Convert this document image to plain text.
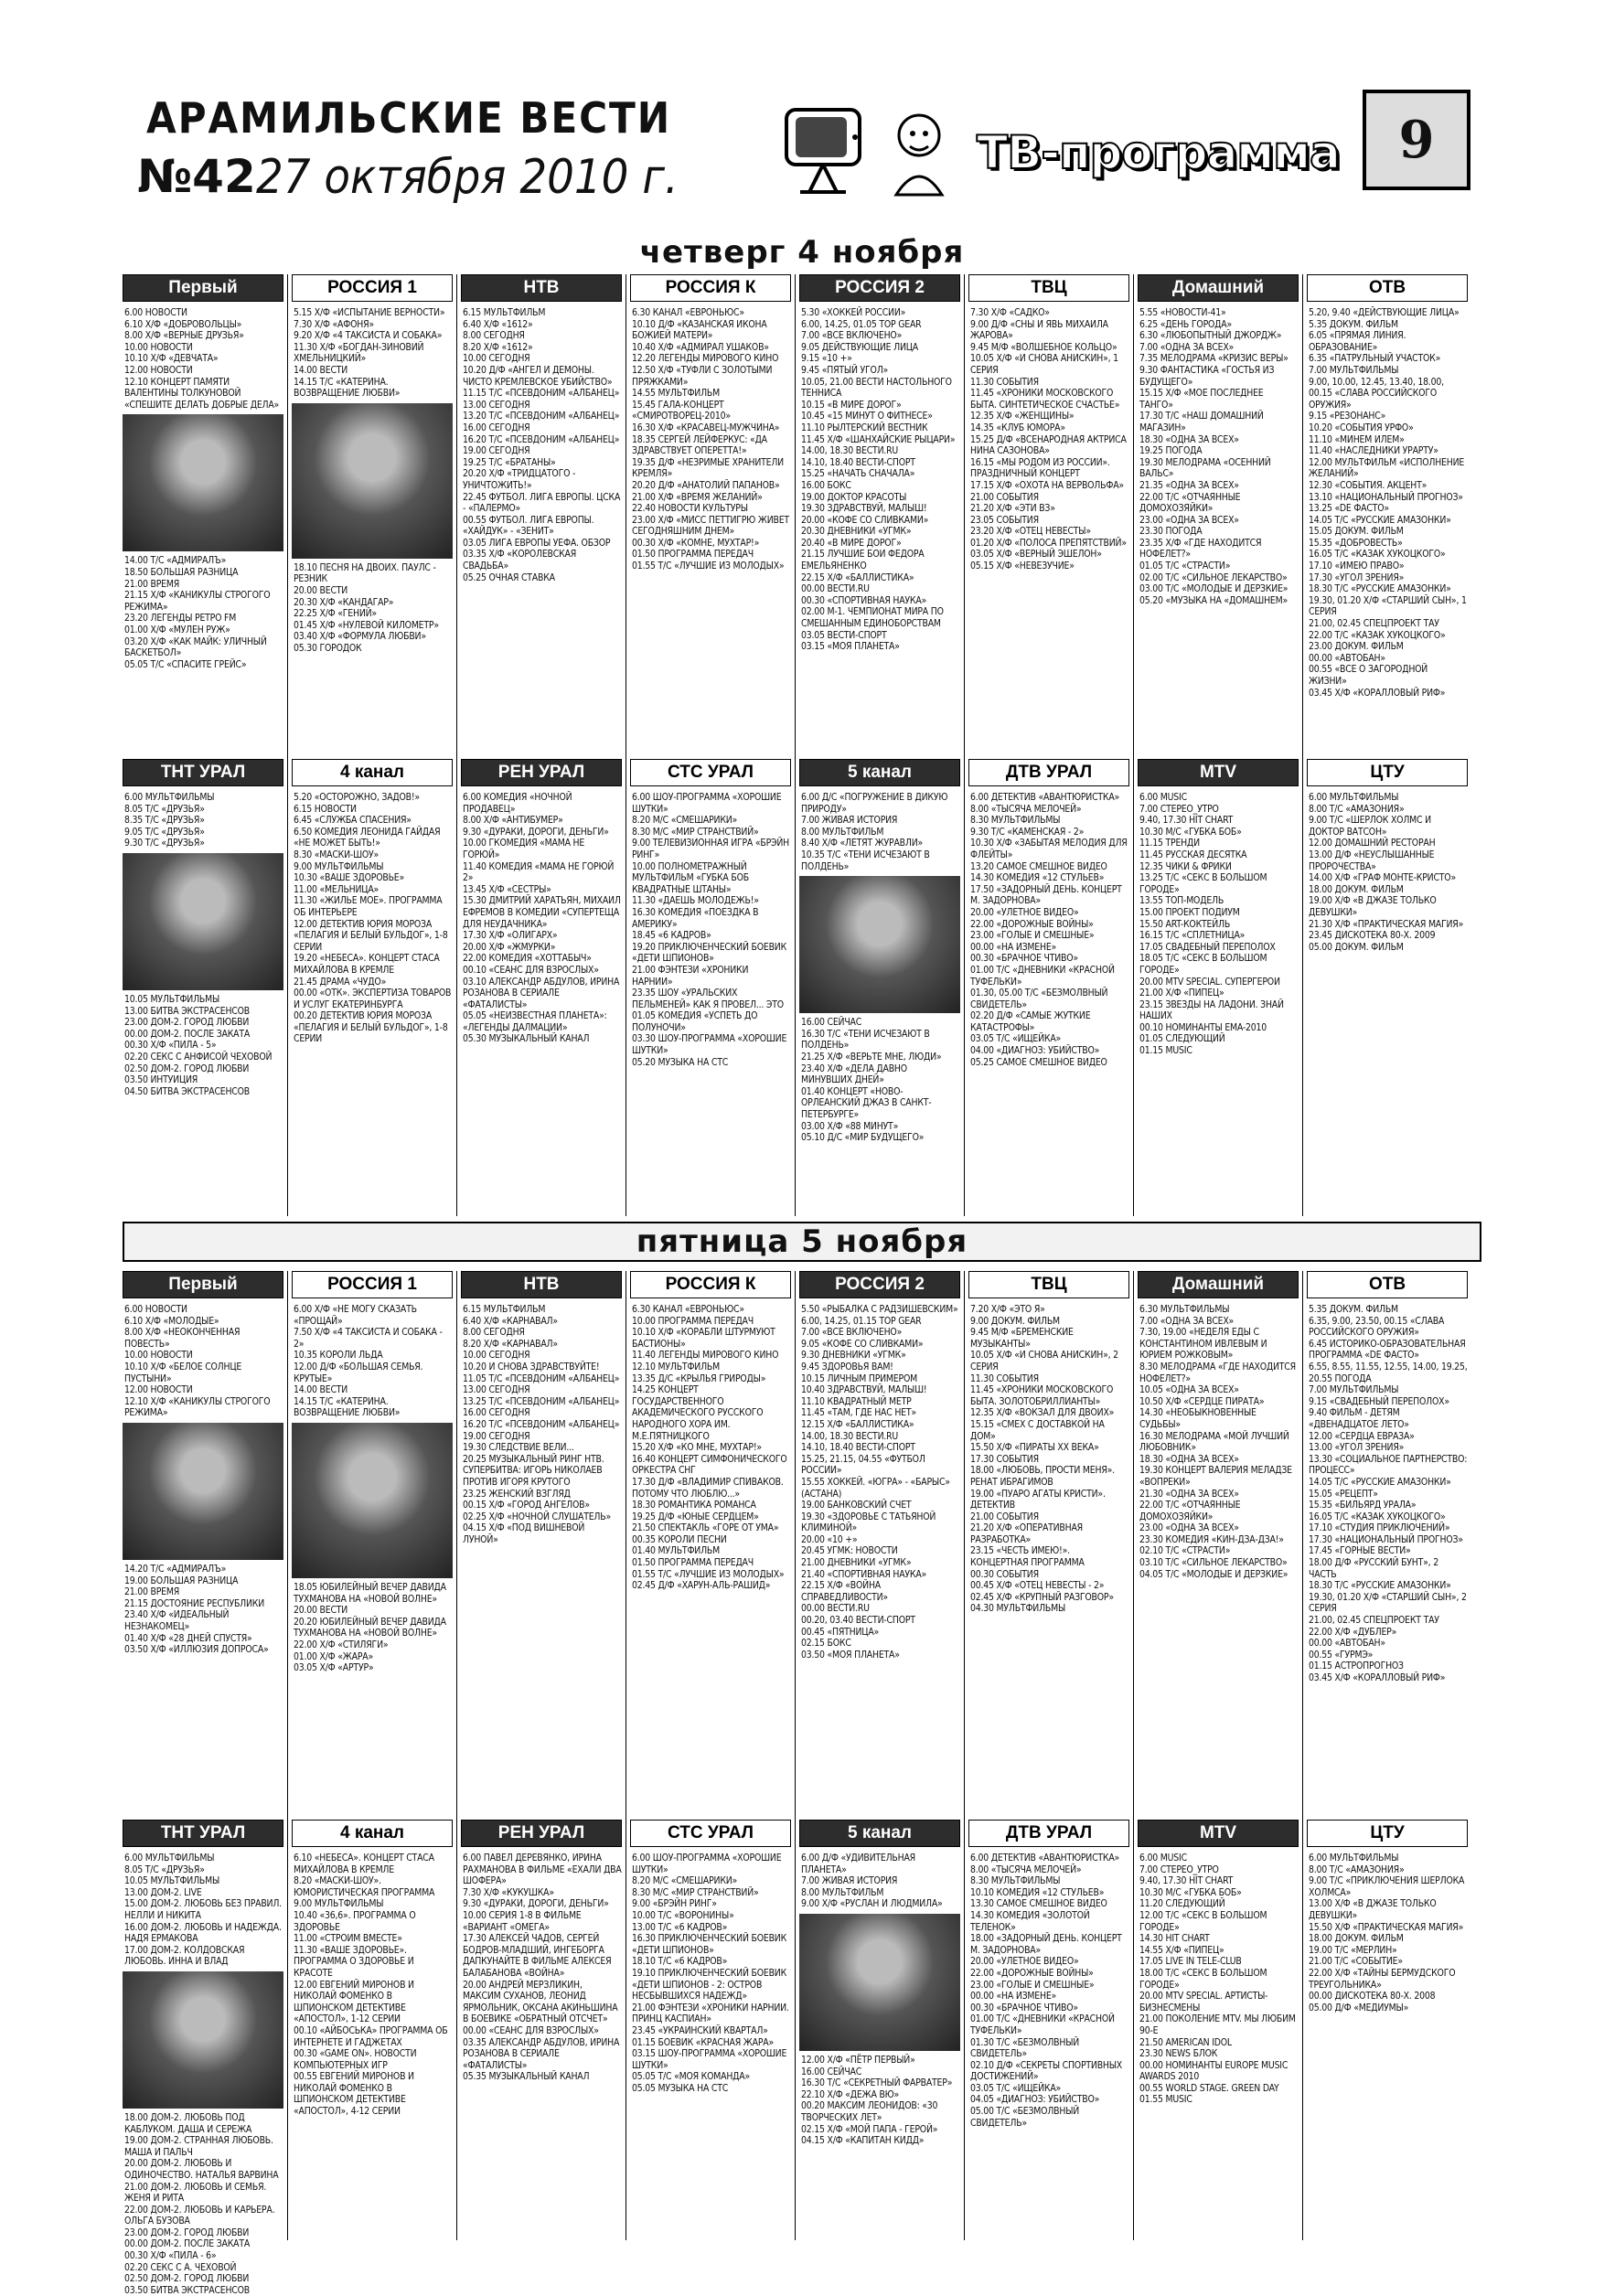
АРАМИЛЬСКИЕ ВЕСТИ
№42 27 октября 2010 г.	ТВ-программа	9
четверг 4 ноября
Первый
6.00 НОВОСТИ
6.10 Х/Ф «ДОБРОВОЛЬЦЫ»
8.00 Х/Ф «ВЕРНЫЕ ДРУЗЬЯ»
10.00 НОВОСТИ
10.10 Х/Ф «ДЕВЧАТА»
12.00 НОВОСТИ
12.10 КОНЦЕРТ ПАМЯТИ ВАЛЕНТИНЫ ТОЛКУНОВОЙ «СПЕШИТЕ ДЕЛАТЬ ДОБРЫЕ ДЕЛА»
14.00 Т/С «АДМИРАЛЪ»
18.50 БОЛЬШАЯ РАЗНИЦА
21.00 ВРЕМЯ
21.15 Х/Ф «КАНИКУЛЫ СТРОГОГО РЕЖИМА»
23.20 ЛЕГЕНДЫ РЕТРО FM
01.00 Х/Ф «МУЛЕН РУЖ»
03.20 Х/Ф «КАК МАЙК: УЛИЧНЫЙ БАСКЕТБОЛ»
05.05 Т/С «СПАСИТЕ ГРЕЙС»
РОССИЯ 1
5.15 Х/Ф «ИСПЫТАНИЕ ВЕРНОСТИ»
7.30 Х/Ф «АФОНЯ»
9.20 Х/Ф «4 ТАКСИСТА И СОБАКА»
11.30 Х/Ф «БОГДАН-ЗИНОВИЙ ХМЕЛЬНИЦКИЙ»
14.00 ВЕСТИ
14.15 Т/С «КАТЕРИНА. ВОЗВРАЩЕНИЕ ЛЮБВИ»
18.10 ПЕСНЯ НА ДВОИХ. ПАУЛС - РЕЗНИК
20.00 ВЕСТИ
20.30 Х/Ф «КАНДАГАР»
22.25 Х/Ф «ГЕНИЙ»
01.45 Х/Ф «НУЛЕВОЙ КИЛОМЕТР»
03.40 Х/Ф «ФОРМУЛА ЛЮБВИ»
05.30 ГОРОДОК
НТВ
6.15 МУЛЬТФИЛЬМ
6.40 Х/Ф «1612»
8.00 СЕГОДНЯ
8.20 Х/Ф «1612»
10.00 СЕГОДНЯ
10.20 Д/Ф «АНГЕЛ И ДЕМОНЫ. ЧИСТО КРЕМЛЕВСКОЕ УБИЙСТВО»
11.15 Т/С «ПСЕВДОНИМ «АЛБАНЕЦ»
13.00 СЕГОДНЯ
13.20 Т/С «ПСЕВДОНИМ «АЛБАНЕЦ»
16.00 СЕГОДНЯ
16.20 Т/С «ПСЕВДОНИМ «АЛБАНЕЦ»
19.00 СЕГОДНЯ
19.25 Т/С «БРАТАНЫ»
20.20 Х/Ф «ТРИДЦАТОГО - УНИЧТОЖИТЬ!»
22.45 ФУТБОЛ. ЛИГА ЕВРОПЫ. ЦСКА - «ПАЛЕРМО»
00.55 ФУТБОЛ. ЛИГА ЕВРОПЫ. «ХАЙДУК» - «ЗЕНИТ»
03.05 ЛИГА ЕВРОПЫ УЕФА. ОБЗОР
03.35 Х/Ф «КОРОЛЕВСКАЯ СВАДЬБА»
05.25 ОЧНАЯ СТАВКА
РОССИЯ К
6.30 КАНАЛ «ЕВРОНЬЮС»
10.10 Д/Ф «КАЗАНСКАЯ ИКОНА БОЖИЕЙ МАТЕРИ»
10.40 Х/Ф «АДМИРАЛ УШАКОВ»
12.20 ЛЕГЕНДЫ МИРОВОГО КИНО
12.50 Х/Ф «ТУФЛИ С ЗОЛОТЫМИ ПРЯЖКАМИ»
14.55 МУЛЬТФИЛЬМ
15.45 ГАЛА-КОНЦЕРТ «СМИРОТВОРЕЦ-2010»
16.30 Х/Ф «КРАСАВЕЦ-МУЖЧИНА»
18.35 СЕРГЕЙ ЛЕЙФЕРКУС: «ДА ЗДРАВСТВУЕТ ОПЕРЕТТА!»
19.35 Д/Ф «НЕЗРИМЫЕ ХРАНИТЕЛИ КРЕМЛЯ»
20.20 Д/Ф «АНАТОЛИЙ ПАПАНОВ»
21.00 Х/Ф «ВРЕМЯ ЖЕЛАНИЙ»
22.40 НОВОСТИ КУЛЬТУРЫ
23.00 Х/Ф «МИСС ПЕТТИГРЮ ЖИВЕТ СЕГОДНЯШНИМ ДНЕМ»
00.30 Х/Ф «КОМНЕ, МУХТАР!»
01.50 ПРОГРАММА ПЕРЕДАЧ
01.55 Т/С «ЛУЧШИЕ ИЗ МОЛОДЫХ»
РОССИЯ 2
5.30 «ХОККЕЙ РОССИИ»
6.00, 14.25, 01.05 TOP GEAR
7.00 «ВСЕ ВКЛЮЧЕНО»
9.05 ДЕЙСТВУЮЩИЕ ЛИЦА
9.15 «10 +»
9.45 «ПЯТЫЙ УГОЛ»
10.05, 21.00 ВЕСТИ НАСТОЛЬНОГО ТЕННИСА
10.15 «В МИРЕ ДОРОГ»
10.45 «15 МИНУТ О ФИТНЕСЕ»
11.10 РЫЛТЕРСКИЙ ВЕСТНИК
11.45 Х/Ф «ШАНХАЙСКИЕ РЫЦАРИ»
14.00, 18.30 ВЕСТИ.RU
14.10, 18.40 ВЕСТИ-СПОРТ
15.25 «НАЧАТЬ СНАЧАЛА»
16.00 БОКС
19.00 ДОКТОР КРАСОТЫ
19.30 ЗДРАВСТВУЙ, МАЛЫШ!
20.00 «КОФЕ СО СЛИВКАМИ»
20.30 ДНЕВНИКИ «УГМК»
20.40 «В МИРЕ ДОРОГ»
21.15 ЛУЧШИЕ БОИ ФЕДОРА ЕМЕЛЬЯНЕНКО
22.15 Х/Ф «БАЛЛИСТИКА»
00.00 ВЕСТИ.RU
00.30 «СПОРТИВНАЯ НАУКА»
02.00 М-1. ЧЕМПИОНАТ МИРА ПО СМЕШАННЫМ ЕДИНОБОРСТВАМ
03.05 ВЕСТИ-СПОРТ
03.15 «МОЯ ПЛАНЕТА»
ТВЦ
7.30 Х/Ф «САДКО»
9.00 Д/Ф «СНЫ И ЯВЬ МИХАИЛА ЖАРОВА»
9.45 М/Ф «ВОЛШЕБНОЕ КОЛЬЦО»
10.05 Х/Ф «И СНОВА АНИСКИН», 1 СЕРИЯ
11.30 СОБЫТИЯ
11.45 «ХРОНИКИ МОСКОВСКОГО БЫТА. СИНТЕТИЧЕСКОЕ СЧАСТЬЕ»
12.35 Х/Ф «ЖЕНЩИНЫ»
14.35 «КЛУБ ЮМОРА»
15.25 Д/Ф «ВСЕНАРОДНАЯ АКТРИСА НИНА САЗОНОВА»
16.15 «МЫ РОДОМ ИЗ РОССИИ». ПРАЗДНИЧНЫЙ КОНЦЕРТ
17.15 Х/Ф «ОХОТА НА ВЕРВОЛЬФА»
21.00 СОБЫТИЯ
21.20 Х/Ф «ЭТИ ВЗ»
23.05 СОБЫТИЯ
23.20 Х/Ф «ОТЕЦ НЕВЕСТЫ»
01.20 Х/Ф «ПОЛОСА ПРЕПЯТСТВИЙ»
03.05 Х/Ф «ВЕРНЫЙ ЭШЕЛОН»
05.15 Х/Ф «НЕВЕЗУЧИЕ»
Домашний
5.55 «НОВОСТИ-41»
6.25 «ДЕНЬ ГОРОДА»
6.30 «ЛЮБОПЫТНЫЙ ДЖОРДЖ»
7.00 «ОДНА ЗА ВСЕХ»
7.35 МЕЛОДРАМА «КРИЗИС ВЕРЫ»
9.30 ФАНТАСТИКА «ГОСТЬЯ ИЗ БУДУЩЕГО»
15.15 Х/Ф «МОЕ ПОСЛЕДНЕЕ ТАНГО»
17.30 Т/С «НАШ ДОМАШНИЙ МАГАЗИН»
18.30 «ОДНА ЗА ВСЕХ»
19.25 ПОГОДА
19.30 МЕЛОДРАМА «ОСЕННИЙ ВАЛЬС»
21.35 «ОДНА ЗА ВСЕХ»
22.00 Т/С «ОТЧАЯННЫЕ ДОМОХОЗЯЙКИ»
23.00 «ОДНА ЗА ВСЕХ»
23.30 ПОГОДА
23.35 Х/Ф «ГДЕ НАХОДИТСЯ НОФЕЛЕТ?»
01.05 Т/С «СТРАСТИ»
02.00 Т/С «СИЛЬНОЕ ЛЕКАРСТВО»
03.00 Т/С «МОЛОДЫЕ И ДЕРЗКИЕ»
05.20 «МУЗЫКА НА «ДОМАШНЕМ»
ОТВ
5.20, 9.40 «ДЕЙСТВУЮЩИЕ ЛИЦА»
5.35 ДОКУМ. ФИЛЬМ
6.05 «ПРЯМАЯ ЛИНИЯ. ОБРАЗОВАНИЕ»
6.35 «ПАТРУЛЬНЫЙ УЧАСТОК»
7.00 МУЛЬТФИЛЬМЫ
9.00, 10.00, 12.45, 13.40, 18.00, 00.15 «СЛАВА РОССИЙСКОГО ОРУЖИЯ»
9.15 «РЕЗОНАНС»
10.20 «СОБЫТИЯ УРФО»
11.10 «МИНЕМ ИЛЕМ»
11.40 «НАСЛЕДНИКИ УРАРТУ»
12.00 МУЛЬТФИЛЬМ «ИСПОЛНЕНИЕ ЖЕЛАНИЙ»
12.30 «СОБЫТИЯ. АКЦЕНТ»
13.10 «НАЦИОНАЛЬНЫЙ ПРОГНОЗ»
13.25 «DE ФАСТО»
14.05 Т/С «РУССКИЕ АМАЗОНКИ»
15.05 ДОКУМ. ФИЛЬМ
15.35 «ДОБРОВЕСТЬ»
16.05 Т/С «КАЗАК ХУКОЦКОГО»
17.10 «ИМЕЮ ПРАВО»
17.30 «УГОЛ ЗРЕНИЯ»
18.30 Т/С «РУССКИЕ АМАЗОНКИ»
19.30, 01.20 Х/Ф «СТАРШИЙ СЫН», 1 СЕРИЯ
21.00, 02.45 СПЕЦПРОЕКТ ТАУ
22.00 Т/С «КАЗАК ХУКОЦКОГО»
23.00 ДОКУМ. ФИЛЬМ
00.00 «АВТОБАН»
00.55 «ВСЕ О ЗАГОРОДНОЙ ЖИЗНИ»
03.45 Х/Ф «КОРАЛЛОВЫЙ РИФ»
ТНТ УРАЛ
6.00 МУЛЬТФИЛЬМЫ
8.05 Т/С «ДРУЗЬЯ»
8.35 Т/С «ДРУЗЬЯ»
9.05 Т/С «ДРУЗЬЯ»
9.30 Т/С «ДРУЗЬЯ»
10.05 МУЛЬТФИЛЬМЫ
13.00 БИТВА ЭКСТРАСЕНСОВ
23.00 ДОМ-2. ГОРОД ЛЮБВИ
00.00 ДОМ-2. ПОСЛЕ ЗАКАТА
00.30 Х/Ф «ПИЛА - 5»
02.20 СЕКС С АНФИСОЙ ЧЕХОВОЙ
02.50 ДОМ-2. ГОРОД ЛЮБВИ
03.50 ИНТУИЦИЯ
04.50 БИТВА ЭКСТРАСЕНСОВ
4 канал
5.20 «ОСТОРОЖНО, ЗАДОВ!»
6.15 НОВОСТИ
6.45 «СЛУЖБА СПАСЕНИЯ»
6.50 КОМЕДИЯ ЛЕОНИДА ГАЙДАЯ «НЕ МОЖЕТ БЫТЬ!»
8.30 «МАСКИ-ШОУ»
9.00 МУЛЬТФИЛЬМЫ
10.30 «ВАШЕ ЗДОРОВЬЕ»
11.00 «МЕЛЬНИЦА»
11.30 «ЖИЛЬЕ МОЕ». ПРОГРАММА ОБ ИНТЕРЬЕРЕ
12.00 ДЕТЕКТИВ ЮРИЯ МОРОЗА «ПЕЛАГИЯ И БЕЛЫЙ БУЛЬДОГ», 1-8 СЕРИИ
19.20 «НЕБЕСА». КОНЦЕРТ СТАСА МИХАЙЛОВА В КРЕМЛЕ
21.45 ДРАМА «ЧУДО»
00.00 «ОТК». ЭКСПЕРТИЗА ТОВАРОВ И УСЛУГ ЕКАТЕРИНБУРГА
00.20 ДЕТЕКТИВ ЮРИЯ МОРОЗА «ПЕЛАГИЯ И БЕЛЫЙ БУЛЬДОГ», 1-8 СЕРИИ
РЕН УРАЛ
6.00 КОМЕДИЯ «НОЧНОЙ ПРОДАВЕЦ»
8.00 Х/Ф «АНТИБУМЕР»
9.30 «ДУРАКИ, ДОРОГИ, ДЕНЬГИ»
10.00 ГКОМЕДИЯ «МАМА НЕ ГОРЮЙ»
11.40 КОМЕДИЯ «МАМА НЕ ГОРЮЙ 2»
13.45 Х/Ф «СЕСТРЫ»
15.30 ДМИТРИЙ ХАРАТЬЯН, МИХАИЛ ЕФРЕМОВ В КОМЕДИИ «СУПЕРТЕЩА ДЛЯ НЕУДАЧНИКА»
17.30 Х/Ф «ОЛИГАРХ»
20.00 Х/Ф «ЖМУРКИ»
22.00 КОМЕДИЯ «ХОТТАБЫЧ»
00.10 «СЕАНС ДЛЯ ВЗРОСЛЫХ»
03.10 АЛЕКСАНДР АБДУЛОВ, ИРИНА РОЗАНОВА В СЕРИАЛЕ «ФАТАЛИСТЫ»
05.05 «НЕИЗВЕСТНАЯ ПЛАНЕТА»: «ЛЕГЕНДЫ ДАЛМАЦИИ»
05.30 МУЗЫКАЛЬНЫЙ КАНАЛ
СТС УРАЛ
6.00 ШОУ-ПРОГРАММА «ХОРОШИЕ ШУТКИ»
8.20 М/С «СМЕШАРИКИ»
8.30 М/С «МИР СТРАНСТВИЙ»
9.00 ТЕЛЕВИЗИОННАЯ ИГРА «БРЭЙН РИНГ»
10.00 ПОЛНОМЕТРАЖНЫЙ МУЛЬТФИЛЬМ «ГУБКА БОБ КВАДРАТНЫЕ ШТАНЫ»
11.30 «ДАЕШЬ МОЛОДЕЖЬ!»
16.30 КОМЕДИЯ «ПОЕЗДКА В АМЕРИКУ»
18.45 «6 КАДРОВ»
19.20 ПРИКЛЮЧЕНЧЕСКИЙ БОЕВИК «ДЕТИ ШПИОНОВ»
21.00 ФЭНТЕЗИ «ХРОНИКИ НАРНИИ»
23.35 ШОУ «УРАЛЬСКИХ ПЕЛЬМЕНЕЙ» КАК Я ПРОВЕЛ... ЭТО
01.05 КОМЕДИЯ «УСПЕТЬ ДО ПОЛУНОЧИ»
03.30 ШОУ-ПРОГРАММА «ХОРОШИЕ ШУТКИ»
05.20 МУЗЫКА НА СТС
5 канал
6.00 Д/С «ПОГРУЖЕНИЕ В ДИКУЮ ПРИРОДУ»
7.00 ЖИВАЯ ИСТОРИЯ
8.00 МУЛЬТФИЛЬМ
8.40 Х/Ф «ЛЕТЯТ ЖУРАВЛИ»
10.35 Т/С «ТЕНИ ИСЧЕЗАЮТ В ПОЛДЕНЬ»
16.00 СЕЙЧАС
16.30 Т/С «ТЕНИ ИСЧЕЗАЮТ В ПОЛДЕНЬ»
21.25 Х/Ф «ВЕРЬТЕ МНЕ, ЛЮДИ»
23.40 Х/Ф «ДЕЛА ДАВНО МИНУВШИХ ДНЕЙ»
01.40 КОНЦЕРТ «НОВО-ОРЛЕАНСКИЙ ДЖАЗ В САНКТ-ПЕТЕРБУРГЕ»
03.00 Х/Ф «88 МИНУТ»
05.10 Д/С «МИР БУДУЩЕГО»
ДТВ УРАЛ
6.00 ДЕТЕКТИВ «АВАНТЮРИСТКА»
8.00 «ТЫСЯЧА МЕЛОЧЕЙ»
8.30 МУЛЬТФИЛЬМЫ
9.30 Т/С «КАМЕНСКАЯ - 2»
10.30 Х/Ф «ЗАБЫТАЯ МЕЛОДИЯ ДЛЯ ФЛЕЙТЫ»
13.20 САМОЕ СМЕШНОЕ ВИДЕО
14.30 КОМЕДИЯ «12 СТУЛЬЕВ»
17.50 «ЗАДОРНЫЙ ДЕНЬ. КОНЦЕРТ М. ЗАДОРНОВА»
20.00 «УЛЕТНОЕ ВИДЕО»
22.00 «ДОРОЖНЫЕ ВОЙНЫ»
23.00 «ГОЛЫЕ И СМЕШНЫЕ»
00.00 «НА ИЗМЕНЕ»
00.30 «БРАЧНОЕ ЧТИВО»
01.00 Т/С «ДНЕВНИКИ «КРАСНОЙ ТУФЕЛЬКИ»
01.30, 05.00 Т/С «БЕЗМОЛВНЫЙ СВИДЕТЕЛЬ»
02.20 Д/Ф «САМЫЕ ЖУТКИЕ КАТАСТРОФЫ»
03.05 Т/С «ИЩЕЙКА»
04.00 «ДИАГНОЗ: УБИЙСТВО»
05.25 САМОЕ СМЕШНОЕ ВИДЕО
MTV
6.00 MUSIC
7.00 СТЕРЕО_УТРО
9.40, 17.30 HIT CHART
10.30 М/С «ГУБКА БОБ»
11.15 ТРЕНДИ
11.45 РУССКАЯ ДЕСЯТКА
12.35 ЧИКИ & ФРИКИ
13.25 Т/С «СЕКС В БОЛЬШОМ ГОРОДЕ»
13.55 ТОП-МОДЕЛЬ
15.00 ПРОЕКТ ПОДИУМ
15.50 ART-КОКТЕЙЛЬ
16.15 Т/С «СПЛЕТНИЦА»
17.05 СВАДЕБНЫЙ ПЕРЕПОЛОХ
18.05 Т/С «СЕКС В БОЛЬШОМ ГОРОДЕ»
20.00 MTV SPECIAL. СУПЕРГЕРОИ
21.00 Х/Ф «ПИПЕЦ»
23.15 ЗВЕЗДЫ НА ЛАДОНИ. ЗНАЙ НАШИХ
00.10 НОМИНАНТЫ EMA-2010
01.05 СЛЕДУЮЩИЙ
01.15 MUSIC
ЦТУ
6.00 МУЛЬТФИЛЬМЫ
8.00 Т/С «АМАЗОНИЯ»
9.00 Т/С «ШЕРЛОК ХОЛМС И ДОКТОР ВАТСОН»
12.00 ДОМАШНИЙ РЕСТОРАН
13.00 Д/Ф «НЕУСЛЫШАННЫЕ ПРОРОЧЕСТВА»
14.00 Х/Ф «ГРАФ МОНТЕ-КРИСТО»
18.00 ДОКУМ. ФИЛЬМ
19.00 Х/Ф «В ДЖАЗЕ ТОЛЬКО ДЕВУШКИ»
21.30 Х/Ф «ПРАКТИЧЕСКАЯ МАГИЯ»
23.45 ДИСКОТЕКА 80-Х. 2009
05.00 ДОКУМ. ФИЛЬМ
пятница 5 ноября
Первый
6.00 НОВОСТИ
6.10 Х/Ф «МОЛОДЫЕ»
8.00 Х/Ф «НЕОКОНЧЕННАЯ ПОВЕСТЬ»
10.00 НОВОСТИ
10.10 Х/Ф «БЕЛОЕ СОЛНЦЕ ПУСТЫНИ»
12.00 НОВОСТИ
12.10 Х/Ф «КАНИКУЛЫ СТРОГОГО РЕЖИМА»
14.20 Т/С «АДМИРАЛЪ»
19.00 БОЛЬШАЯ РАЗНИЦА
21.00 ВРЕМЯ
21.15 ДОСТОЯНИЕ РЕСПУБЛИКИ
23.40 Х/Ф «ИДЕАЛЬНЫЙ НЕЗНАКОМЕЦ»
01.40 Х/Ф «28 ДНЕЙ СПУСТЯ»
03.50 Х/Ф «ИЛЛЮЗИЯ ДОПРОСА»
РОССИЯ 1
6.00 Х/Ф «НЕ МОГУ СКАЗАТЬ «ПРОЩАЙ»
7.50 Х/Ф «4 ТАКСИСТА И СОБАКА - 2»
10.35 КОРОЛИ ЛЬДА
12.00 Д/Ф «БОЛЬШАЯ СЕМЬЯ. КРУТЫЕ»
14.00 ВЕСТИ
14.15 Т/С «КАТЕРИНА. ВОЗВРАЩЕНИЕ ЛЮБВИ»
18.05 ЮБИЛЕЙНЫЙ ВЕЧЕР ДАВИДА ТУХМАНОВА НА «НОВОЙ ВОЛНЕ»
20.00 ВЕСТИ
20.20 ЮБИЛЕЙНЫЙ ВЕЧЕР ДАВИДА ТУХМАНОВА НА «НОВОЙ ВОЛНЕ»
22.00 Х/Ф «СТИЛЯГИ»
01.00 Х/Ф «ЖАРА»
03.05 Х/Ф «АРТУР»
НТВ
6.15 МУЛЬТФИЛЬМ
6.40 Х/Ф «КАРНАВАЛ»
8.00 СЕГОДНЯ
8.20 Х/Ф «КАРНАВАЛ»
10.00 СЕГОДНЯ
10.20 И СНОВА ЗДРАВСТВУЙТЕ!
11.05 Т/С «ПСЕВДОНИМ «АЛБАНЕЦ»
13.00 СЕГОДНЯ
13.25 Т/С «ПСЕВДОНИМ «АЛБАНЕЦ»
16.00 СЕГОДНЯ
16.20 Т/С «ПСЕВДОНИМ «АЛБАНЕЦ»
19.00 СЕГОДНЯ
19.30 СЛЕДСТВИЕ ВЕЛИ...
20.25 МУЗЫКАЛЬНЫЙ РИНГ НТВ. СУПЕРБИТВА: ИГОРЬ НИКОЛАЕВ ПРОТИВ ИГОРЯ КРУТОГО
23.25 ЖЕНСКИЙ ВЗГЛЯД
00.15 Х/Ф «ГОРОД АНГЕЛОВ»
02.25 Х/Ф «НОЧНОЙ СЛУШАТЕЛЬ»
04.15 Х/Ф «ПОД ВИШНЕВОЙ ЛУНОЙ»
РОССИЯ К
6.30 КАНАЛ «ЕВРОНЬЮС»
10.00 ПРОГРАММА ПЕРЕДАЧ
10.10 Х/Ф «КОРАБЛИ ШТУРМУЮТ БАСТИОНЫ»
11.40 ЛЕГЕНДЫ МИРОВОГО КИНО
12.10 МУЛЬТФИЛЬМ
13.35 Д/С «КРЫЛЬЯ ГРИРОДЫ»
14.25 КОНЦЕРТ ГОСУДАРСТВЕННОГО АКАДЕМИЧЕСКОГО РУССКОГО НАРОДНОГО ХОРА ИМ. М.Е.ПЯТНИЦКОГО
15.20 Х/Ф «КО МНЕ, МУХТАР!»
16.40 КОНЦЕРТ СИМФОНИЧЕСКОГО ОРКЕСТРА СНГ
17.30 Д/Ф «ВЛАДИМИР СПИВАКОВ. ПОТОМУ ЧТО ЛЮБЛЮ...»
18.30 РОМАНТИКА РОМАНСА
19.25 Д/Ф «ЮНЫЕ СЕРДЦЕМ»
21.50 СПЕКТАКЛЬ «ГОРЕ ОТ УМА»
00.35 КОРОЛИ ПЕСНИ
01.40 МУЛЬТФИЛЬМ
01.50 ПРОГРАММА ПЕРЕДАЧ
01.55 Т/С «ЛУЧШИЕ ИЗ МОЛОДЫХ»
02.45 Д/Ф «ХАРУН-АЛЬ-РАШИД»
РОССИЯ 2
5.50 «РЫБАЛКА С РАДЗИШЕВСКИМ»
6.00, 14.25, 01.15 TOP GEAR
7.00 «ВСЕ ВКЛЮЧЕНО»
9.05 «КОФЕ СО СЛИВКАМИ»
9.30 ДНЕВНИКИ «УГМК»
9.45 ЗДОРОВЬЯ ВАМ!
10.15 ЛИЧНЫМ ПРИМЕРОМ
10.40 ЗДРАВСТВУЙ, МАЛЫШ!
11.10 КВАДРАТНЫЙ МЕТР
11.45 «ТАМ, ГДЕ НАС НЕТ»
12.15 Х/Ф «БАЛЛИСТИКА»
14.00, 18.30 ВЕСТИ.RU
14.10, 18.40 ВЕСТИ-СПОРТ
15.25, 21.15, 04.55 «ФУТБОЛ РОССИИ»
15.55 ХОККЕЙ. «ЮГРА» - «БАРЫС» (АСТАНА)
19.00 БАНКОВСКИЙ СЧЕТ
19.30 «ЗДОРОВЬЕ С ТАТЬЯНОЙ КЛИМИНОЙ»
20.00 «10 +»
20.45 УГМК: НОВОСТИ
21.00 ДНЕВНИКИ «УГМК»
21.40 «СПОРТИВНАЯ НАУКА»
22.15 Х/Ф «ВОЙНА СПРАВЕДЛИВОСТИ»
00.00 ВЕСТИ.RU
00.20, 03.40 ВЕСТИ-СПОРТ
00.45 «ПЯТНИЦА»
02.15 БОКС
03.50 «МОЯ ПЛАНЕТА»
ТВЦ
7.20 Х/Ф «ЭТО Я»
9.00 ДОКУМ. ФИЛЬМ
9.45 М/Ф «БРЕМЕНСКИЕ МУЗЫКАНТЫ»
10.05 Х/Ф «И СНОВА АНИСКИН», 2 СЕРИЯ
11.30 СОБЫТИЯ
11.45 «ХРОНИКИ МОСКОВСКОГО БЫТА. ЗОЛОТОБРИЛЛИАНТЫ»
12.35 Х/Ф «ВОКЗАЛ ДЛЯ ДВОИХ»
15.15 «СМЕХ С ДОСТАВКОЙ НА ДОМ»
15.50 Х/Ф «ПИРАТЫ XX ВЕКА»
17.30 СОБЫТИЯ
18.00 «ЛЮБОВЬ, ПРОСТИ МЕНЯ». РЕНАТ ИБРАГИМОВ
19.00 «ПУАРО АГАТЫ КРИСТИ». ДЕТЕКТИВ
21.00 СОБЫТИЯ
21.20 Х/Ф «ОПЕРАТИВНАЯ РАЗРАБОТКА»
23.15 «ЧЕСТЬ ИМЕЮ!». КОНЦЕРТНАЯ ПРОГРАММА
00.30 СОБЫТИЯ
00.45 Х/Ф «ОТЕЦ НЕВЕСТЫ - 2»
02.45 Х/Ф «КРУПНЫЙ РАЗГОВОР»
04.30 МУЛЬТФИЛЬМЫ
Домашний
6.30 МУЛЬТФИЛЬМЫ
7.00 «ОДНА ЗА ВСЕХ»
7.30, 19.00 «НЕДЕЛЯ ЕДЫ С КОНСТАНТИНОМ ИВЛЕВЫМ И ЮРИЕМ РОЖКОВЫМ»
8.30 МЕЛОДРАМА «ГДЕ НАХОДИТСЯ НОФЕЛЕТ?»
10.05 «ОДНА ЗА ВСЕХ»
10.50 Х/Ф «СЕРДЦЕ ПИРАТА»
14.30 «НЕОБЫКНОВЕННЫЕ СУДЬБЫ»
16.30 МЕЛОДРАМА «МОЙ ЛУЧШИЙ ЛЮБОВНИК»
18.30 «ОДНА ЗА ВСЕХ»
19.30 КОНЦЕРТ ВАЛЕРИЯ МЕЛАДЗЕ «ВОПРЕКИ»
21.30 «ОДНА ЗА ВСЕХ»
22.00 Т/С «ОТЧАЯННЫЕ ДОМОХОЗЯЙКИ»
23.00 «ОДНА ЗА ВСЕХ»
23.30 КОМЕДИЯ «КИН-ДЗА-ДЗА!»
02.10 Т/С «СТРАСТИ»
03.10 Т/С «СИЛЬНОЕ ЛЕКАРСТВО»
04.05 Т/С «МОЛОДЫЕ И ДЕРЗКИЕ»
ОТВ
5.35 ДОКУМ. ФИЛЬМ
6.35, 9.00, 23.50, 00.15 «СЛАВА РОССИЙСКОГО ОРУЖИЯ»
6.45 ИСТОРИКО-ОБРАЗОВАТЕЛЬНАЯ ПРОГРАММА «DE ФАСТО»
6.55, 8.55, 11.55, 12.55, 14.00, 19.25, 20.55 ПОГОДА
7.00 МУЛЬТФИЛЬМЫ
9.15 «СВАДЕБНЫЙ ПЕРЕПОЛОХ»
9.40 ФИЛЬМ - ДЕТЯМ «ДВЕНАДЦАТОЕ ЛЕТО»
12.00 «СЕРДЦА ЕВРАЗА»
13.00 «УГОЛ ЗРЕНИЯ»
13.30 «СОЦИАЛЬНОЕ ПАРТНЕРСТВО: ПРОЦЕСС»
14.05 Т/С «РУССКИЕ АМАЗОНКИ»
15.05 «РЕЦЕПТ»
15.35 «БИЛЬЯРД УРАЛА»
16.05 Т/С «КАЗАК ХУКОЦКОГО»
17.10 «СТУДИЯ ПРИКЛЮЧЕНИЙ»
17.30 «НАЦИОНАЛЬНЫЙ ПРОГНОЗ»
17.45 «ГОРНЫЕ ВЕСТИ»
18.00 Д/Ф «РУССКИЙ БУНТ», 2 ЧАСТЬ
18.30 Т/С «РУССКИЕ АМАЗОНКИ»
19.30, 01.20 Х/Ф «СТАРШИЙ СЫН», 2 СЕРИЯ
21.00, 02.45 СПЕЦПРОЕКТ ТАУ
22.00 Х/Ф «ДУБЛЕР»
00.00 «АВТОБАН»
00.55 «ГУРМЭ»
01.15 АСТРОПРОГНОЗ
03.45 Х/Ф «КОРАЛЛОВЫЙ РИФ»
ТНТ УРАЛ
6.00 МУЛЬТФИЛЬМЫ
8.05 Т/С «ДРУЗЬЯ»
10.05 МУЛЬТФИЛЬМЫ
13.00 ДОМ-2. LIVE
15.00 ДОМ-2. ЛЮБОВЬ БЕЗ ПРАВИЛ. НЕЛЛИ И НИКИТА
16.00 ДОМ-2. ЛЮБОВЬ И НАДЕЖДА. НАДЯ ЕРМАКОВА
17.00 ДОМ-2. КОЛДОВСКАЯ ЛЮБОВЬ. ИННА И ВЛАД
18.00 ДОМ-2. ЛЮБОВЬ ПОД КАБЛУКОМ. ДАША И СЕРЕЖА
19.00 ДОМ-2. СТРАННАЯ ЛЮБОВЬ. МАША И ПАЛЬЧ
20.00 ДОМ-2. ЛЮБОВЬ И ОДИНОЧЕСТВО. НАТАЛЬЯ ВАРВИНА
21.00 ДОМ-2. ЛЮБОВЬ И СЕМЬЯ. ЖЕНЯ И РИТА
22.00 ДОМ-2. ЛЮБОВЬ И КАРЬЕРА. ОЛЬГА БУЗОВА
23.00 ДОМ-2. ГОРОД ЛЮБВИ
00.00 ДОМ-2. ПОСЛЕ ЗАКАТА
00.30 Х/Ф «ПИЛА - 6»
02.20 СЕКС С А. ЧЕХОВОЙ
02.50 ДОМ-2. ГОРОД ЛЮБВИ
03.50 БИТВА ЭКСТРАСЕНСОВ
4 канал
6.10 «НЕБЕСА». КОНЦЕРТ СТАСА МИХАЙЛОВА В КРЕМЛЕ
8.20 «МАСКИ-ШОУ». ЮМОРИСТИЧЕСКАЯ ПРОГРАММА
9.00 МУЛЬТФИЛЬМЫ
10.40 «36,6». ПРОГРАММА О ЗДОРОВЬЕ
11.00 «СТРОИМ ВМЕСТЕ»
11.30 «ВАШЕ ЗДОРОВЬЕ». ПРОГРАММА О ЗДОРОВЬЕ И КРАСОТЕ
12.00 ЕВГЕНИЙ МИРОНОВ И НИКОЛАЙ ФОМЕНКО В ШПИОНСКОМ ДЕТЕКТИВЕ «АПОСТОЛ», 1-12 СЕРИИ
00.10 «АЙБОСЬКА» ПРОГРАММА ОБ ИНТЕРНЕТЕ И ГАДЖЕТАХ
00.30 «GAME ON». НОВОСТИ КОМПЬЮТЕРНЫХ ИГР
00.55 ЕВГЕНИЙ МИРОНОВ И НИКОЛАЙ ФОМЕНКО В ШПИОНСКОМ ДЕТЕКТИВЕ «АПОСТОЛ», 4-12 СЕРИИ
РЕН УРАЛ
6.00 ПАВЕЛ ДЕРЕВЯНКО, ИРИНА РАХМАНОВА В ФИЛЬМЕ «ЕХАЛИ ДВА ШОФЕРА»
7.30 Х/Ф «КУКУШКА»
9.30 «ДУРАКИ, ДОРОГИ, ДЕНЬГИ»
10.00 СЕРИЯ 1-8 В ФИЛЬМЕ «ВАРИАНТ «ОМЕГА»
17.30 АЛЕКСЕЙ ЧАДОВ, СЕРГЕЙ БОДРОВ-МЛАДШИЙ, ИНГЕБОРГА ДАПКУНАЙТЕ В ФИЛЬМЕ АЛЕКСЕЯ БАЛАБАНОВА «ВОЙНА»
20.00 АНДРЕЙ МЕРЗЛИКИН, МАКСИМ СУХАНОВ, ЛЕОНИД ЯРМОЛЬНИК, ОКСАНА АКИНЬШИНА В БОЕВИКЕ «ОБРАТНЫЙ ОТСЧЕТ»
00.00 «СЕАНС ДЛЯ ВЗРОСЛЫХ»
03.35 АЛЕКСАНДР АБДУЛОВ, ИРИНА РОЗАНОВА В СЕРИАЛЕ «ФАТАЛИСТЫ»
05.35 МУЗЫКАЛЬНЫЙ КАНАЛ
СТС УРАЛ
6.00 ШОУ-ПРОГРАММА «ХОРОШИЕ ШУТКИ»
8.20 М/С «СМЕШАРИКИ»
8.30 М/С «МИР СТРАНСТВИЙ»
9.00 «БРЭЙН РИНГ»
10.00 Т/С «ВОРОНИНЫ»
13.00 Т/С «6 КАДРОВ»
16.30 ПРИКЛЮЧЕНЧЕСКИЙ БОЕВИК «ДЕТИ ШПИОНОВ»
18.10 Т/С «6 КАДРОВ»
19.10 ПРИКЛЮЧЕНЧЕСКИЙ БОЕВИК «ДЕТИ ШПИОНОВ - 2: ОСТРОВ НЕСБЫВШИХСЯ НАДЕЖД»
21.00 ФЭНТЕЗИ «ХРОНИКИ НАРНИИ. ПРИНЦ КАСПИАН»
23.45 «УКРАИНСКИЙ КВАРТАЛ»
01.15 БОЕВИК «КРАСНАЯ ЖАРА»
03.15 ШОУ-ПРОГРАММА «ХОРОШИЕ ШУТКИ»
05.05 Т/С «МОЯ КОМАНДА»
05.05 МУЗЫКА НА СТС
5 канал
6.00 Д/Ф «УДИВИТЕЛЬНАЯ ПЛАНЕТА»
7.00 ЖИВАЯ ИСТОРИЯ
8.00 МУЛЬТФИЛЬМ
9.00 Х/Ф «РУСЛАН И ЛЮДМИЛА»
12.00 Х/Ф «ПЁТР ПЕРВЫЙ»
16.00 СЕЙЧАС
16.30 Т/С «СЕКРЕТНЫЙ ФАРВАТЕР»
22.10 Х/Ф «ДЕЖА ВЮ»
00.20 МАКСИМ ЛЕОНИДОВ: «30 ТВОРЧЕСКИХ ЛЕТ»
02.15 Х/Ф «МОЙ ПАПА - ГЕРОЙ»
04.15 Х/Ф «КАПИТАН КИДД»
ДТВ УРАЛ
6.00 ДЕТЕКТИВ «АВАНТЮРИСТКА»
8.00 «ТЫСЯЧА МЕЛОЧЕЙ»
8.30 МУЛЬТФИЛЬМЫ
10.10 КОМЕДИЯ «12 СТУЛЬЕВ»
13.30 САМОЕ СМЕШНОЕ ВИДЕО
14.30 КОМЕДИЯ «ЗОЛОТОЙ ТЕЛЕНОК»
18.00 «ЗАДОРНЫЙ ДЕНЬ. КОНЦЕРТ М. ЗАДОРНОВА»
20.00 «УЛЕТНОЕ ВИДЕО»
22.00 «ДОРОЖНЫЕ ВОЙНЫ»
23.00 «ГОЛЫЕ И СМЕШНЫЕ»
00.00 «НА ИЗМЕНЕ»
00.30 «БРАЧНОЕ ЧТИВО»
01.00 Т/С «ДНЕВНИКИ «КРАСНОЙ ТУФЕЛЬКИ»
01.30 Т/С «БЕЗМОЛВНЫЙ СВИДЕТЕЛЬ»
02.10 Д/Ф «СЕКРЕТЫ СПОРТИВНЫХ ДОСТИЖЕНИЙ»
03.05 Т/С «ИЩЕЙКА»
04.05 «ДИАГНОЗ: УБИЙСТВО»
05.00 Т/С «БЕЗМОЛВНЫЙ СВИДЕТЕЛЬ»
MTV
6.00 MUSIC
7.00 СТЕРЕО_УТРО
9.40, 17.30 HIT CHART
10.30 М/С «ГУБКА БОБ»
11.20 СЛЕДУЮЩИЙ
12.00 Т/С «СЕКС В БОЛЬШОМ ГОРОДЕ»
14.30 HIT CHART
14.55 Х/Ф «ПИПЕЦ»
17.05 LIVE IN TELE-CLUB
18.00 Т/С «СЕКС В БОЛЬШОМ ГОРОДЕ»
20.00 MTV SPECIAL. АРТИСТЫ-БИЗНЕСМЕНЫ
21.00 ПОКОЛЕНИЕ MTV. МЫ ЛЮБИМ 90-Е
21.50 AMERICAN IDOL
23.30 NEWS БЛОК
00.00 НОМИНАНТЫ EUROPE MUSIC AWARDS 2010
00.55 WORLD STAGE. GREEN DAY
01.55 MUSIC
ЦТУ
6.00 МУЛЬТФИЛЬМЫ
8.00 Т/С «АМАЗОНИЯ»
9.00 Т/С «ПРИКЛЮЧЕНИЯ ШЕРЛОКА ХОЛМСА»
13.00 Х/Ф «В ДЖАЗЕ ТОЛЬКО ДЕВУШКИ»
15.50 Х/Ф «ПРАКТИЧЕСКАЯ МАГИЯ»
18.00 ДОКУМ. ФИЛЬМ
19.00 Т/С «МЕРЛИН»
21.00 Т/С «СОБЫТИЕ»
22.00 Х/Ф «ТАЙНЫ БЕРМУДСКОГО ТРЕУГОЛЬНИКА»
00.00 ДИСКОТЕКА 80-Х. 2008
05.00 Д/Ф «МЕДИУМЫ»
